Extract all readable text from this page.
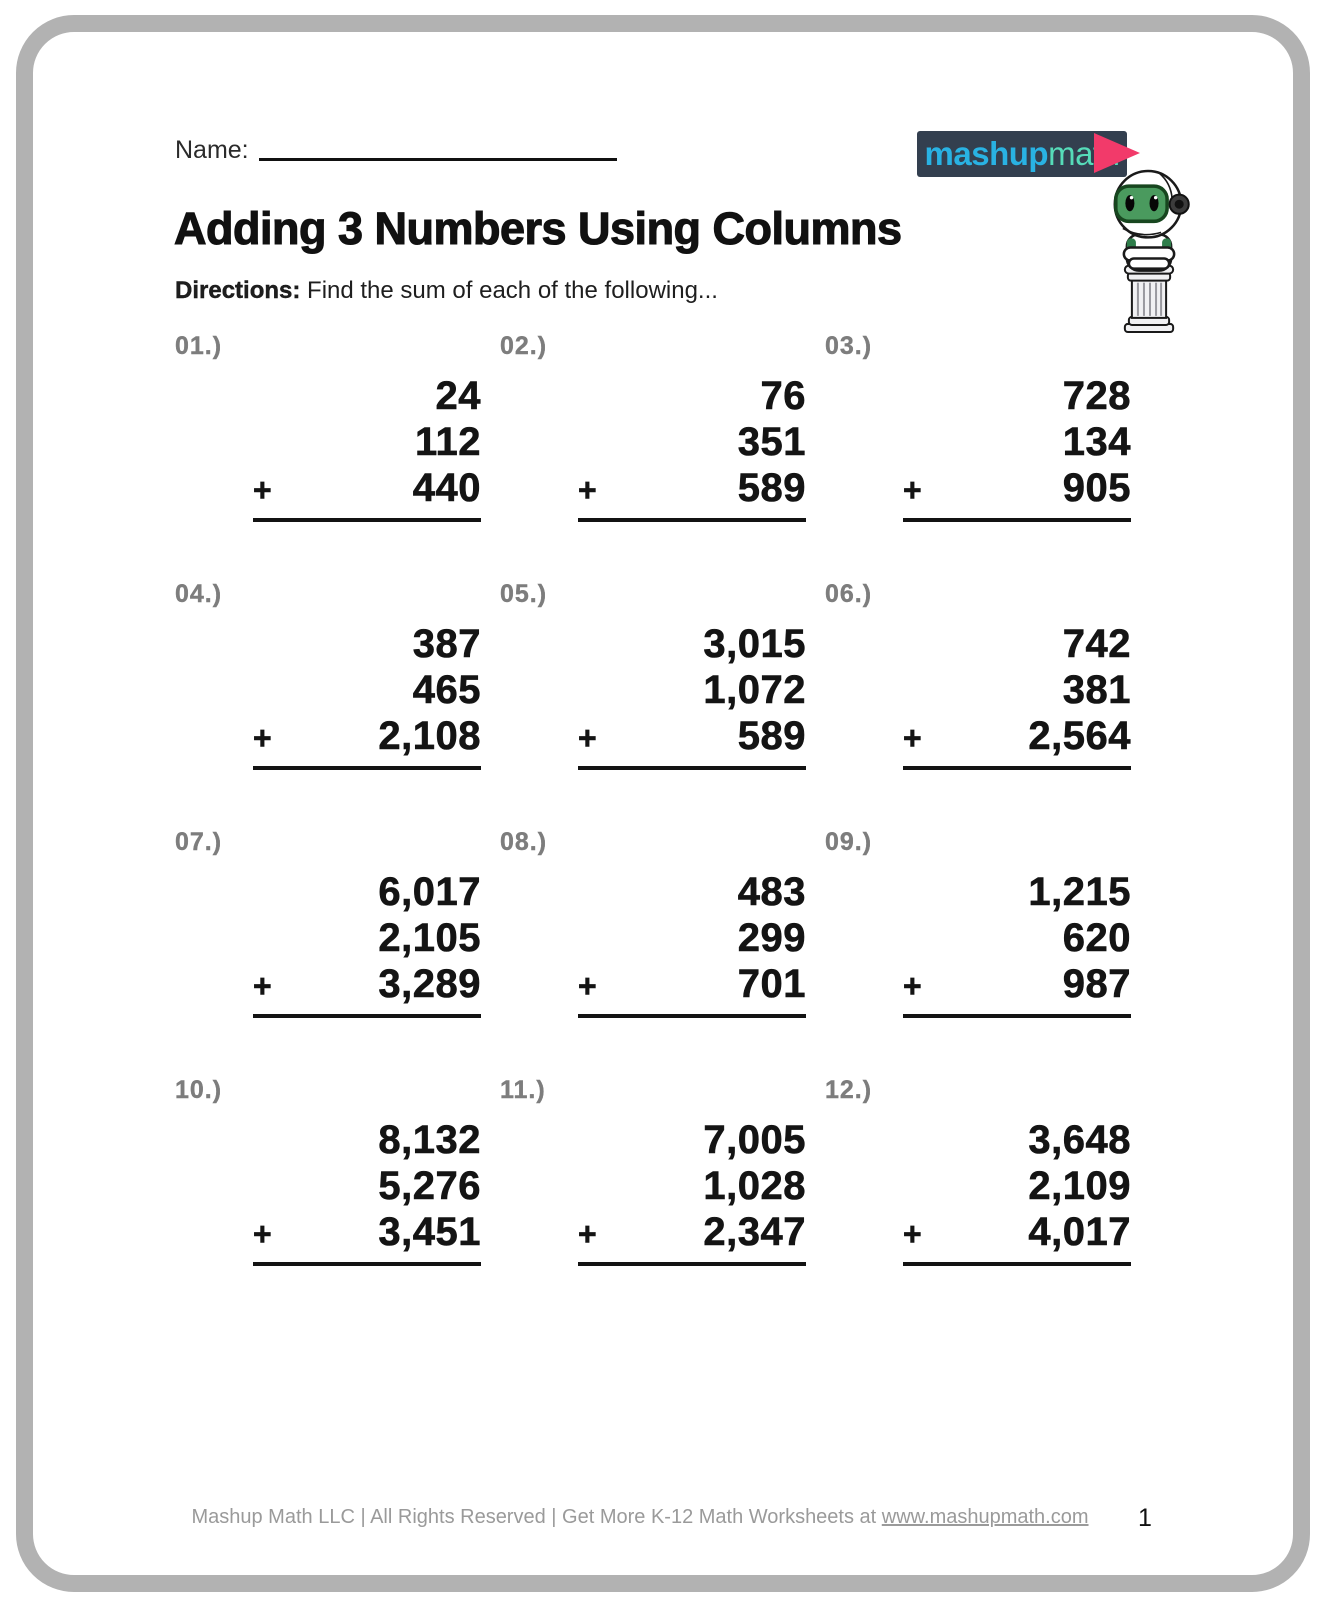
Name:	mashup math
Adding 3 Numbers Using Columns

Directions: Find the sum of each of the following...

01.)
24
112
+	440
02.)
76
351
+	589
03.)
728
134
+	905
04.)
387
465
+	2,108
05.)
3,015
1,072
+	589
06.)
742
381
+	2,564
07.)
6,017
2,105
+	3,289
08.)
483
299
+	701
09.)
1,215
620
+	987
10.)
8,132
5,276
+	3,451
11.)
7,005
1,028
+	2,347
12.)
3,648
2,109
+	4,017
Mashup Math LLC | All Rights Reserved | Get More K-12 Math Worksheets at www.mashupmath.com	1
